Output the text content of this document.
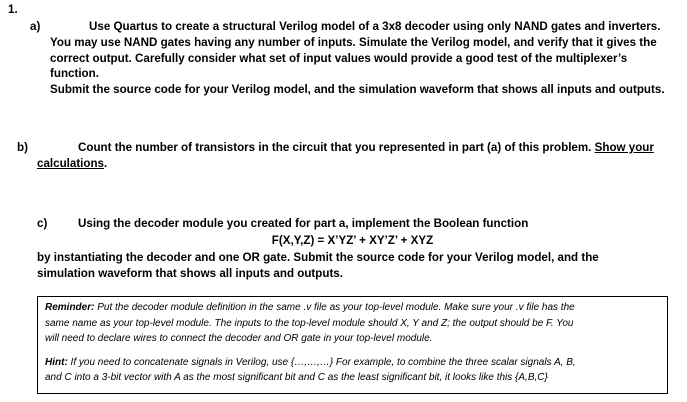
1.
a)	Use Quartus to create a structural Verilog model of a 3x8 decoder using only NAND gates and inverters.

You may use NAND gates having any number of inputs. Simulate the Verilog model, and verify that it gives the

correct output. Carefully consider what set of input values would provide a good test of the multiplexer’s

function.

Submit the source code for your Verilog model, and the simulation waveform that shows all inputs and outputs.

b)	Count the number of transistors in the circuit that you represented in part (a) of this problem. Show your
calculations.
c)	Using the decoder module you created for part a, implement the Boolean function
F(X,Y,Z) = X’YZ’ + XY’Z’ + XYZ
by instantiating the decoder and one OR gate. Submit the source code for your Verilog model, and the
simulation waveform that shows all inputs and outputs.

Reminder: Put the decoder module definition in the same .v file as your top-level module. Make sure your .v file has the

same name as your top-level module. The inputs to the top-level module should X, Y and Z; the output should be F. You

will need to declare wires to connect the decoder and OR gate in your top-level module.

Hint: If you need to concatenate signals in Verilog, use {…,…,…} For example, to combine the three scalar signals A, B,

and C into a 3-bit vector with A as the most significant bit and C as the least significant bit, it looks like this {A,B,C}
